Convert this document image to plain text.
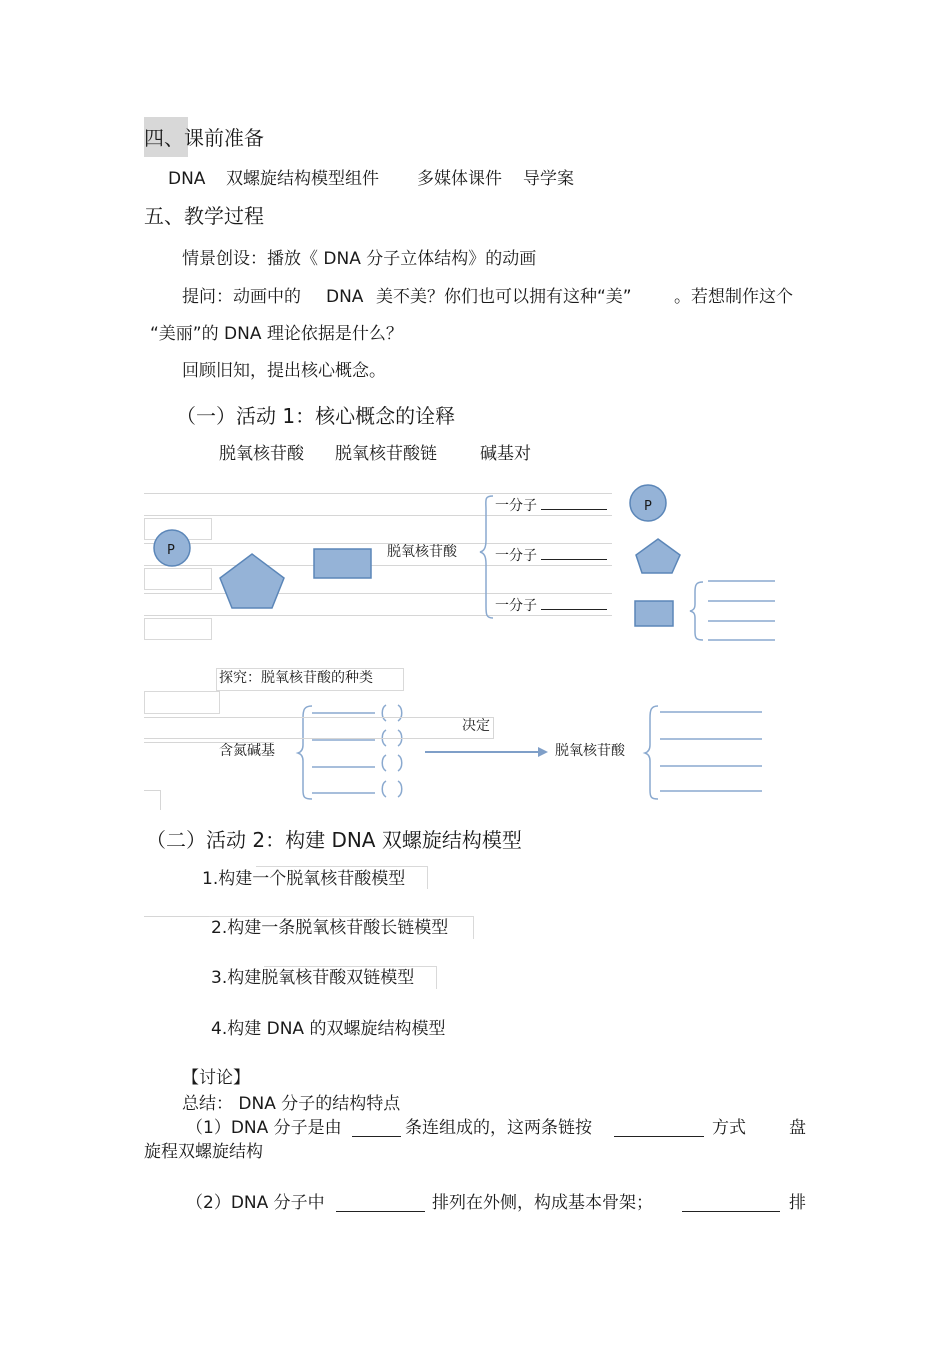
四、课前准备
DNA 双螺旋结构模型组件 多媒体课件 导学案
五、教学过程
情景创设：播放《 DNA 分子立体结构》的动画
提问：动画中的 DNA 美不美？你们也可以拥有这种“美” 。若想制作这个
“美丽”的 DNA 理论依据是什么？
回顾旧知，提出核心概念。
（一）活动 1：核心概念的诠释
脱氧核苷酸 脱氧核苷酸链	碱基对
P	脱氧核苷酸
一分子
一分子
一分子
P
探究：脱氧核苷酸的种类
决定
含氮碱基	脱氧核苷酸
（二）活动 2：构建 DNA 双螺旋结构模型
1.构建一个脱氧核苷酸模型
2.构建一条脱氧核苷酸长链模型
3.构建脱氧核苷酸双链模型
4.构建 DNA 的双螺旋结构模型
【讨论】
总结： DNA 分子的结构特点
（1）DNA 分子是由	条连组成的，这两条链按	方式	盘
旋程双螺旋结构
（2）DNA 分子中	排列在外侧，构成基本骨架；	排
